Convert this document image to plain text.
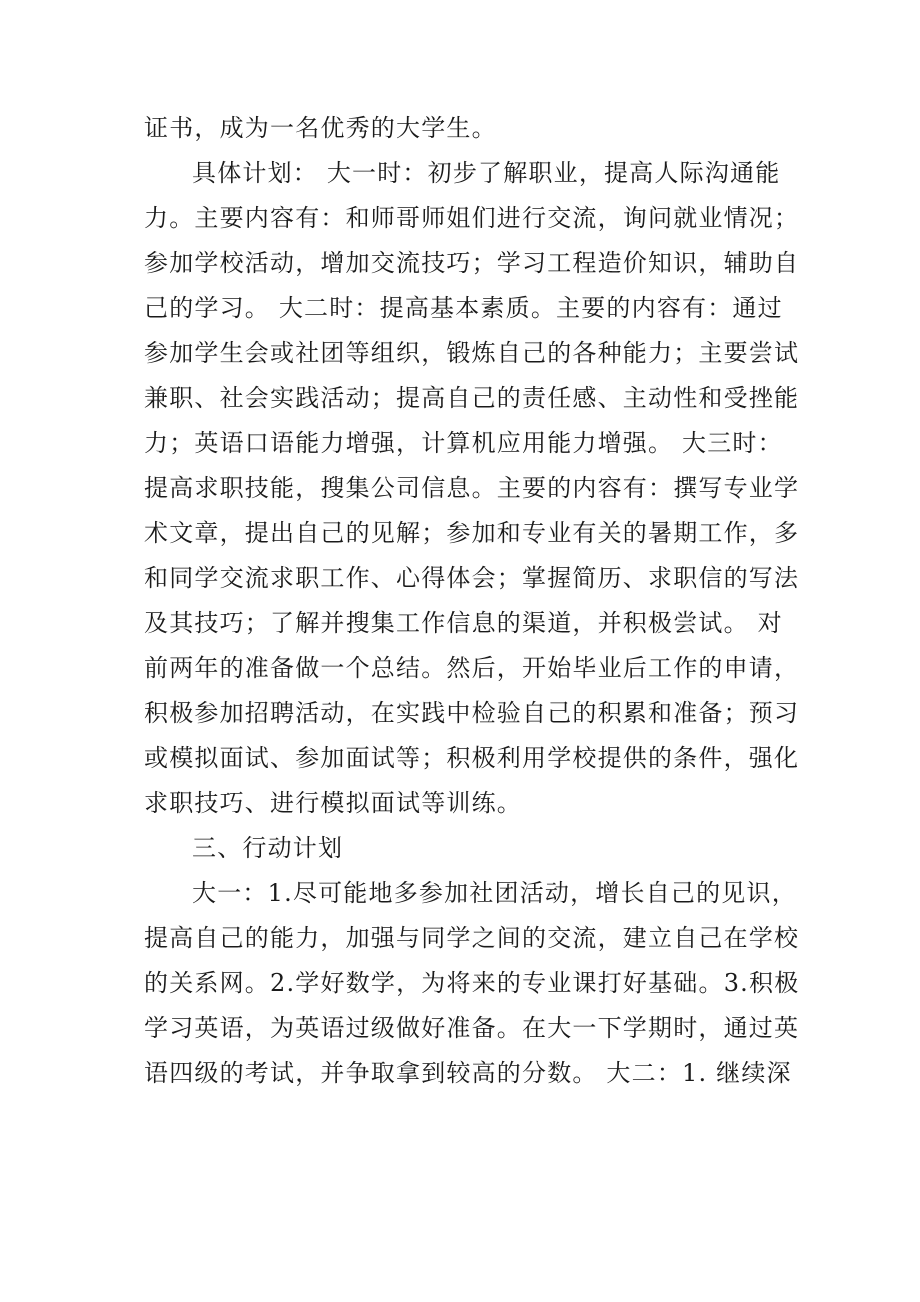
证书，成为一名优秀的大学生。
具体计划： 大一时：初步了解职业，提高人际沟通能
力。主要内容有：和师哥师姐们进行交流，询问就业情况；
参加学校活动，增加交流技巧；学习工程造价知识，辅助自
己的学习。 大二时：提高基本素质。主要的内容有：通过
参加学生会或社团等组织，锻炼自己的各种能力；主要尝试
兼职、社会实践活动；提高自己的责任感、主动性和受挫能
力；英语口语能力增强，计算机应用能力增强。 大三时：
提高求职技能，搜集公司信息。主要的内容有：撰写专业学
术文章，提出自己的见解；参加和专业有关的暑期工作，多
和同学交流求职工作、心得体会；掌握简历、求职信的写法
及其技巧；了解并搜集工作信息的渠道，并积极尝试。 对
前两年的准备做一个总结。然后，开始毕业后工作的申请，
积极参加招聘活动，在实践中检验自己的积累和准备；预习
或模拟面试、参加面试等；积极利用学校提供的条件，强化
求职技巧、进行模拟面试等训练。
三、行动计划
大一：1.尽可能地多参加社团活动，增长自己的见识，
提高自己的能力，加强与同学之间的交流，建立自己在学校
的关系网。2.学好数学，为将来的专业课打好基础。3.积极
学习英语，为英语过级做好准备。在大一下学期时，通过英
语四级的考试，并争取拿到较高的分数。 大二：1. 继续深
